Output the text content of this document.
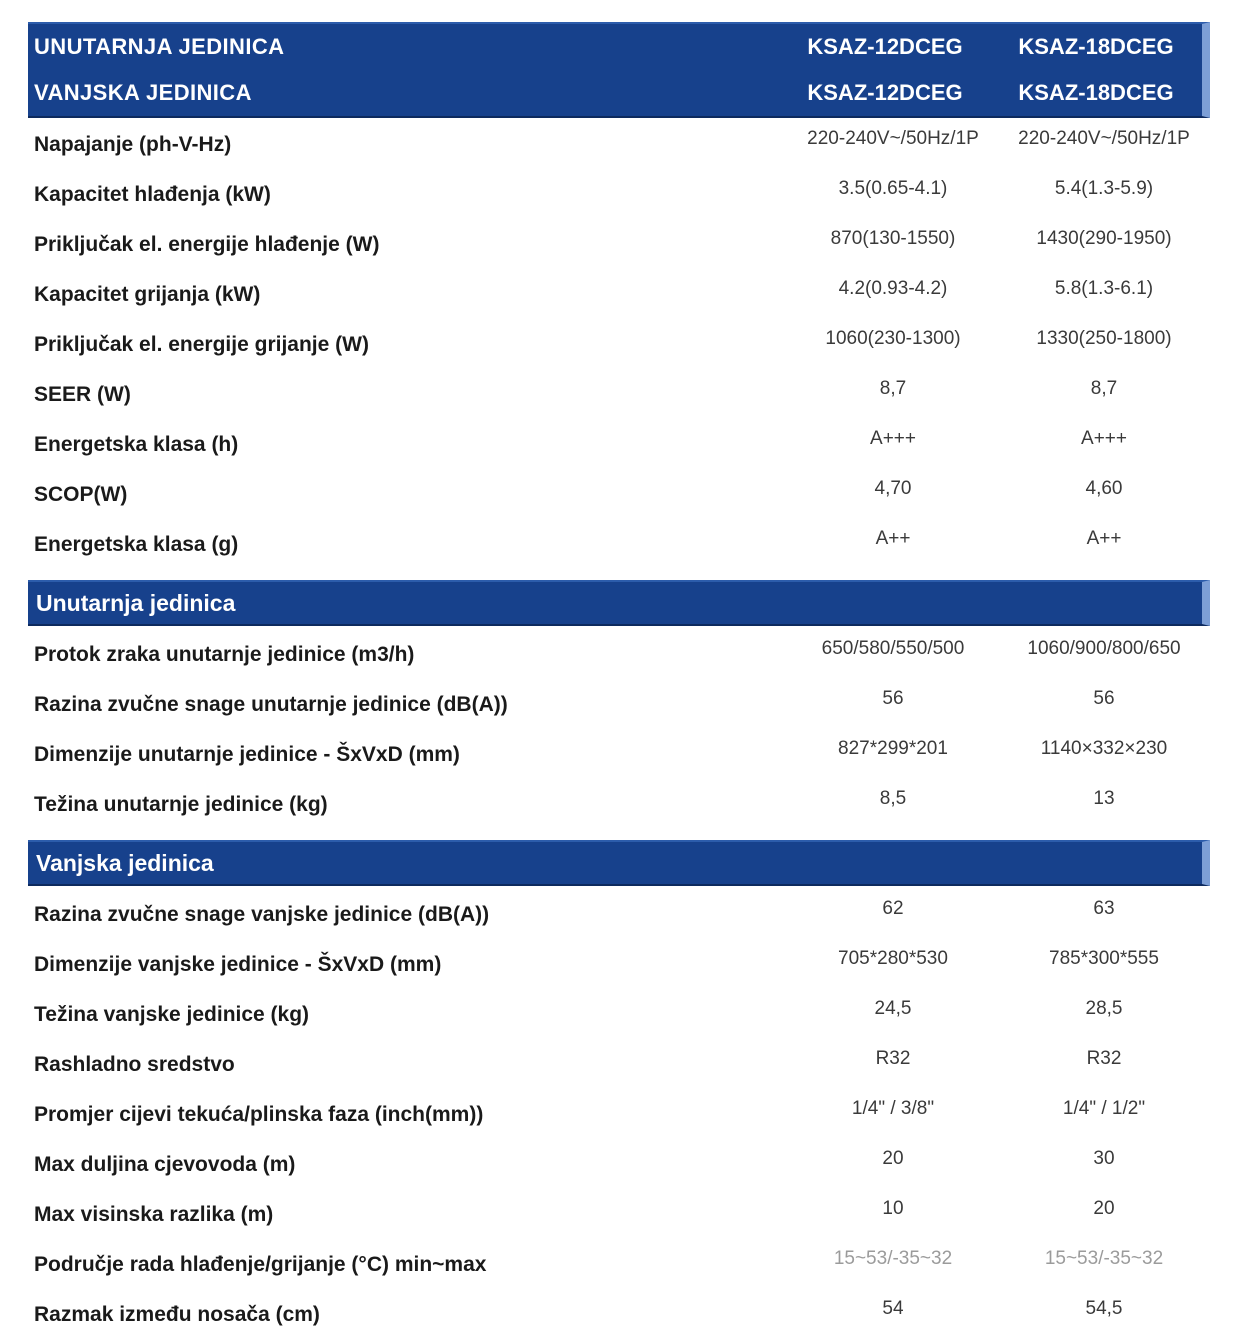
UNUTARNJA JEDINICA	KSAZ-12DCEG	KSAZ-18DCEG
VANJSKA JEDINICA	KSAZ-12DCEG	KSAZ-18DCEG
Napajanje (ph-V-Hz)	220-240V~/50Hz/1P	220-240V~/50Hz/1P
Kapacitet hlađenja (kW)	3.5(0.65-4.1)	5.4(1.3-5.9)
Priključak el. energije hlađenje (W)	870(130-1550)	1430(290-1950)
Kapacitet grijanja (kW)	4.2(0.93-4.2)	5.8(1.3-6.1)
Priključak el. energije grijanje (W)	1060(230-1300)	1330(250-1800)
SEER (W)	8,7	8,7
Energetska klasa (h)	A+++	A+++
SCOP(W)	4,70	4,60
Energetska klasa (g)	A++	A++
Unutarnja jedinica
Protok zraka unutarnje jedinice (m3/h)	650/580/550/500	1060/900/800/650
Razina zvučne snage unutarnje jedinice (dB(A))	56	56
Dimenzije unutarnje jedinice - ŠxVxD (mm)	827*299*201	1140×332×230
Težina unutarnje jedinice (kg)	8,5	13
Vanjska jedinica
Razina zvučne snage vanjske jedinice (dB(A))	62	63
Dimenzije vanjske jedinice - ŠxVxD (mm)	705*280*530	785*300*555
Težina vanjske jedinice (kg)	24,5	28,5
Rashladno sredstvo	R32	R32
Promjer cijevi tekuća/plinska faza (inch(mm))	1/4" / 3/8"	1/4" / 1/2"
Max duljina cjevovoda (m)	20	30
Max visinska razlika (m)	10	20
Područje rada hlađenje/grijanje (°C) min~max	15~53/-35~32	15~53/-35~32
Razmak između nosača (cm)	54	54,5
